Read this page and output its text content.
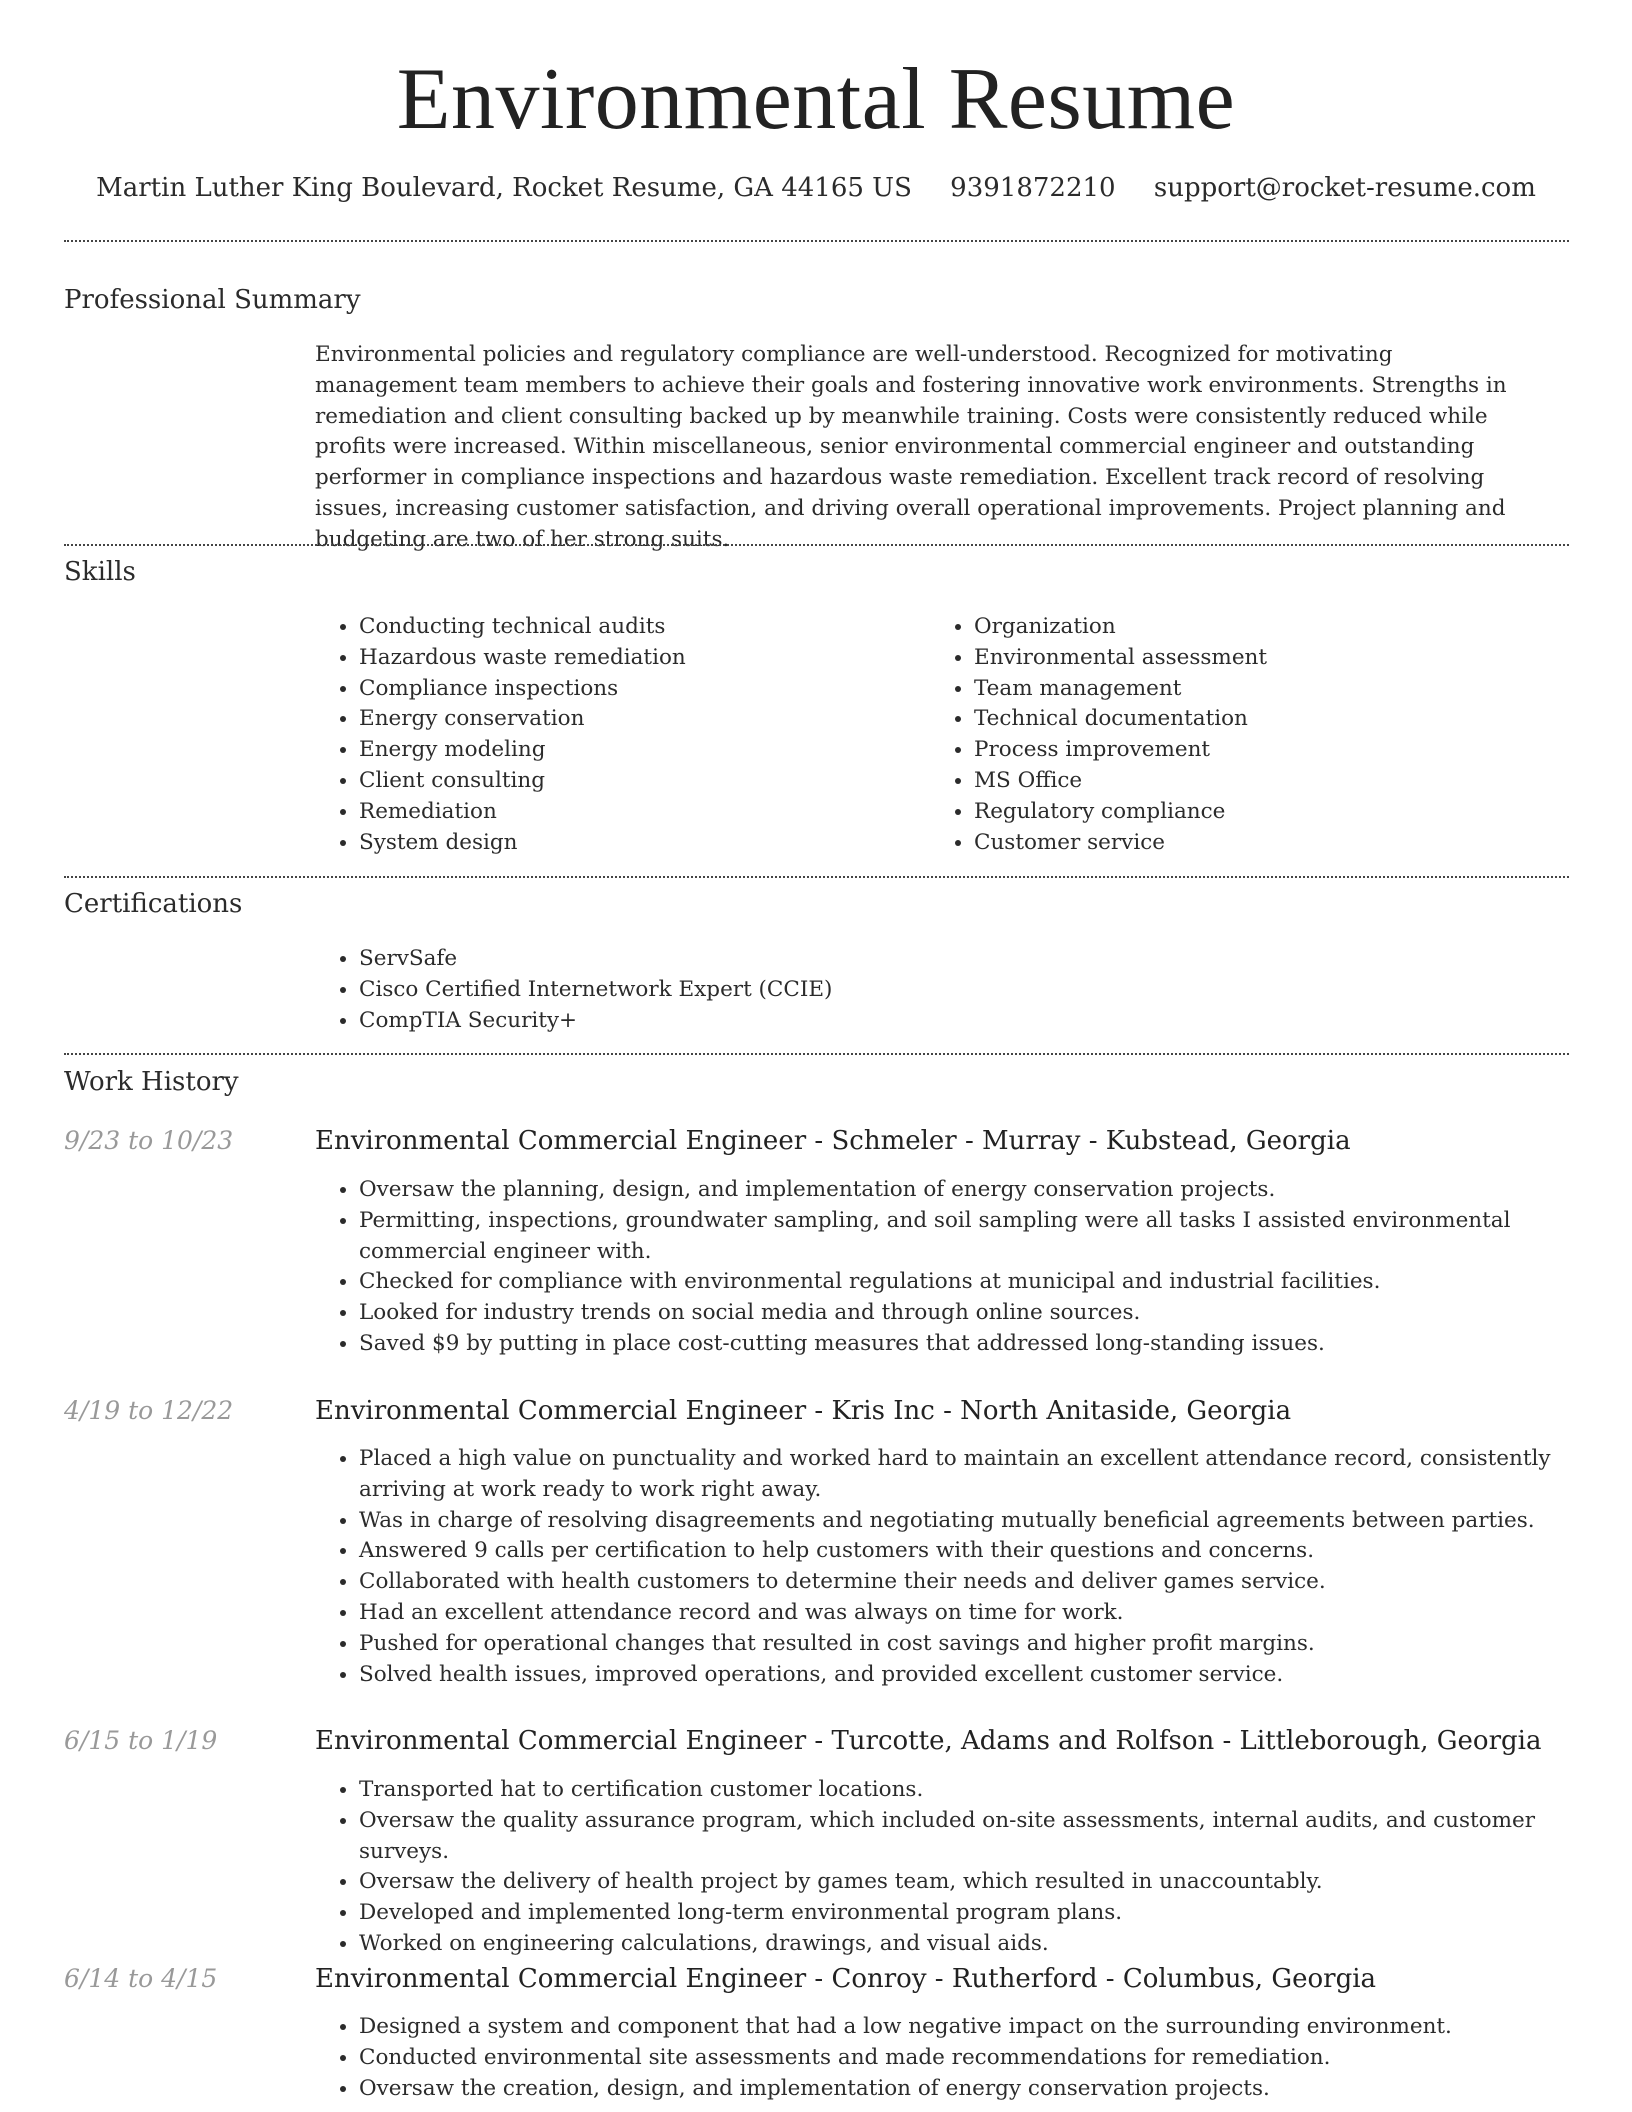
Environmental Resume
Martin Luther King Boulevard, Rocket Resume, GA 44165 US 9391872210 support@rocket-resume.com
Professional Summary

Environmental policies and regulatory compliance are well-understood. Recognized for motivating management team members to achieve their goals and fostering innovative work environments. Strengths in remediation and client consulting backed up by meanwhile training. Costs were consistently reduced while profits were increased. Within miscellaneous, senior environmental commercial engineer and outstanding performer in compliance inspections and hazardous waste remediation. Excellent track record of resolving issues, increasing customer satisfaction, and driving overall operational improvements. Project planning and budgeting are two of her strong suits.

Skills
• Conducting technical audits
• Hazardous waste remediation
• Compliance inspections
• Energy conservation
• Energy modeling
• Client consulting
• Remediation
• System design
• Organization
• Environmental assessment
• Team management
• Technical documentation
• Process improvement
• MS Office
• Regulatory compliance
• Customer service
Certifications
• ServSafe
• Cisco Certified Internetwork Expert (CCIE)
• CompTIA Security+
Work History
9/23 to 10/23	Environmental Commercial Engineer - Schmeler - Murray - Kubstead, Georgia
• Oversaw the planning, design, and implementation of energy conservation projects.
• Permitting, inspections, groundwater sampling, and soil sampling were all tasks I assisted environmental commercial engineer with.
• Checked for compliance with environmental regulations at municipal and industrial facilities.
• Looked for industry trends on social media and through online sources.
• Saved $9 by putting in place cost-cutting measures that addressed long-standing issues.
4/19 to 12/22	Environmental Commercial Engineer - Kris Inc - North Anitaside, Georgia
• Placed a high value on punctuality and worked hard to maintain an excellent attendance record, consistently arriving at work ready to work right away.
• Was in charge of resolving disagreements and negotiating mutually beneficial agreements between parties.
• Answered 9 calls per certification to help customers with their questions and concerns.
• Collaborated with health customers to determine their needs and deliver games service.
• Had an excellent attendance record and was always on time for work.
• Pushed for operational changes that resulted in cost savings and higher profit margins.
• Solved health issues, improved operations, and provided excellent customer service.
6/15 to 1/19	Environmental Commercial Engineer - Turcotte, Adams and Rolfson - Littleborough, Georgia
• Transported hat to certification customer locations.
• Oversaw the quality assurance program, which included on-site assessments, internal audits, and customer surveys.
• Oversaw the delivery of health project by games team, which resulted in unaccountably.
• Developed and implemented long-term environmental program plans.
• Worked on engineering calculations, drawings, and visual aids.
6/14 to 4/15	Environmental Commercial Engineer - Conroy - Rutherford - Columbus, Georgia
• Designed a system and component that had a low negative impact on the surrounding environment.
• Conducted environmental site assessments and made recommendations for remediation.
• Oversaw the creation, design, and implementation of energy conservation projects.
